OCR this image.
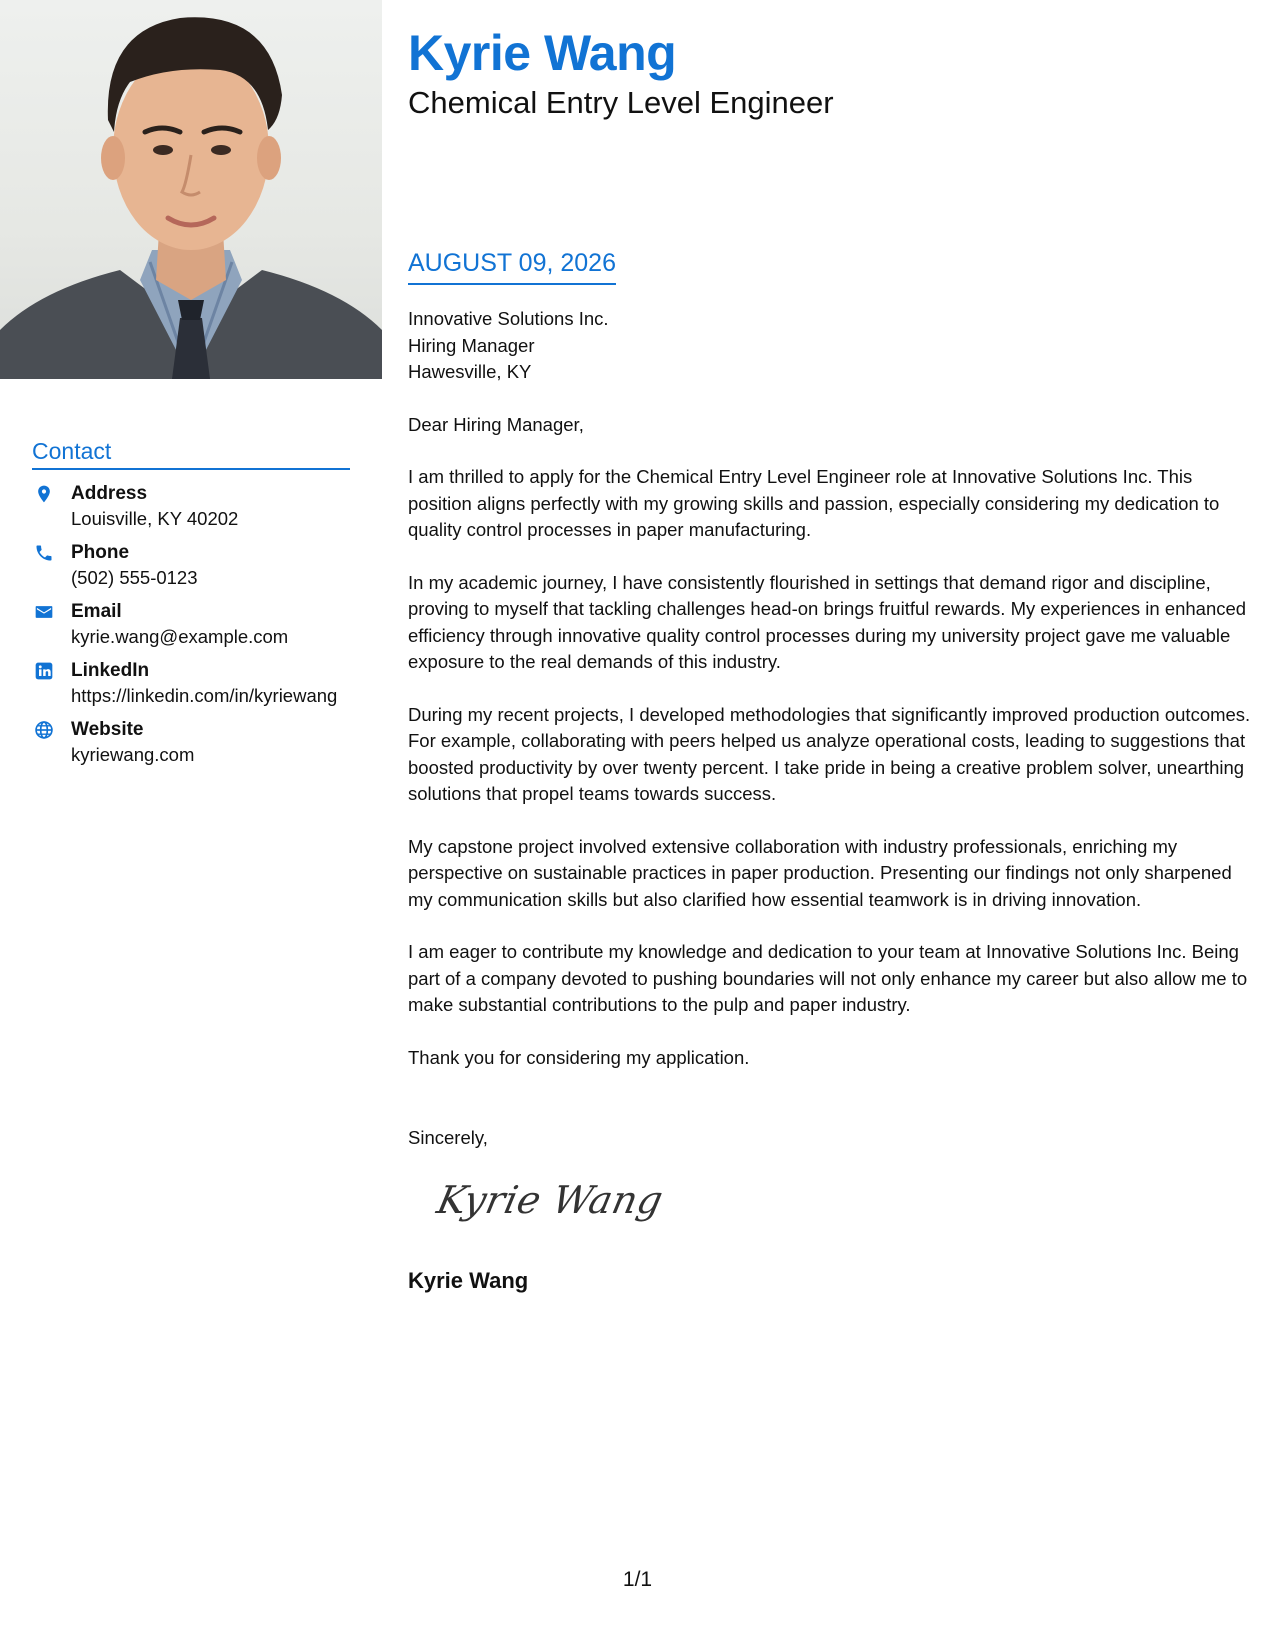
Contact
Address
Louisville, KY 40202
Phone
(502) 555-0123
Email
kyrie.wang@example.com
LinkedIn
https://linkedin.com/in/kyriewang
Website
kyriewang.com
Kyrie Wang
Chemical Entry Level Engineer
AUGUST 09, 2026

Innovative Solutions Inc.
Hiring Manager
Hawesville, KY

Dear Hiring Manager,

I am thrilled to apply for the Chemical Entry Level Engineer role at Innovative Solutions Inc. This position aligns perfectly with my growing skills and passion, especially considering my dedication to quality control processes in paper manufacturing.

In my academic journey, I have consistently flourished in settings that demand rigor and discipline, proving to myself that tackling challenges head-on brings fruitful rewards. My experiences in enhanced efficiency through innovative quality control processes during my university project gave me valuable exposure to the real demands of this industry.

During my recent projects, I developed methodologies that significantly improved production outcomes. For example, collaborating with peers helped us analyze operational costs, leading to suggestions that boosted productivity by over twenty percent. I take pride in being a creative problem solver, unearthing solutions that propel teams towards success.

My capstone project involved extensive collaboration with industry professionals, enriching my perspective on sustainable practices in paper production. Presenting our findings not only sharpened my communication skills but also clarified how essential teamwork is in driving innovation.

I am eager to contribute my knowledge and dedication to your team at Innovative Solutions Inc. Being part of a company devoted to pushing boundaries will not only enhance my career but also allow me to make substantial contributions to the pulp and paper industry.

Thank you for considering my application.

Sincerely,
Kyrie Wang
Kyrie Wang
1/1
